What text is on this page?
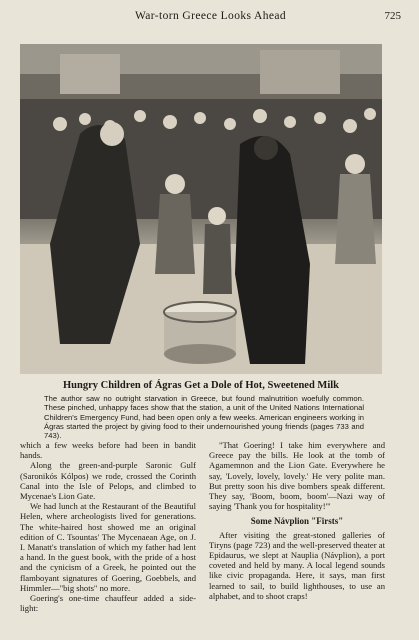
War-torn Greece Looks Ahead	725
Hungry Children of Ágras Get a Dole of Hot, Sweetened Milk
The author saw no outright starvation in Greece, but found malnutrition woefully common. These pinched, unhappy faces show that the station, a unit of the United Nations International Children's Emergency Fund, had been open only a few weeks. American engineers working in Ágras started the project by giving food to their undernourished young friends (pages 733 and 743).

which a few weeks before had been in bandit hands.

Along the green-and-purple Saronic Gulf (Saronikós Kólpos) we rode, crossed the Corinth Canal into the Isle of Pelops, and climbed to Mycenae's Lion Gate.

We had lunch at the Restaurant of the Beautiful Helen, where archeologists lived for generations. The white-haired host showed me an original edition of C. Tsountas' The Mycenaean Age, on J. I. Manatt's translation of which my father had lent a hand. In the guest book, with the pride of a host and the cynicism of a Greek, he pointed out the flamboyant signatures of Goering, Goebbels, and Himmler—"big shots" no more.

Goering's one-time chauffeur added a side-light:

"That Goering! I take him everywhere and Greece pay the bills. He look at the tomb of Agamemnon and the Lion Gate. Everywhere he say, 'Lovely, lovely, lovely.' He very polite man. But pretty soon his dive bombers speak different. They say, 'Boom, boom, boom'—Nazi way of saying 'Thank you for hospitality!'"

Some Návplion "Firsts"

After visiting the great-stoned galleries of Tiryns (page 723) and the well-preserved theater at Epidaurus, we slept at Nauplia (Návplion), a port coveted and held by many. A local legend sounds like civic propaganda. Here, it says, man first learned to sail, to build lighthouses, to use an alphabet, and to shoot craps!
